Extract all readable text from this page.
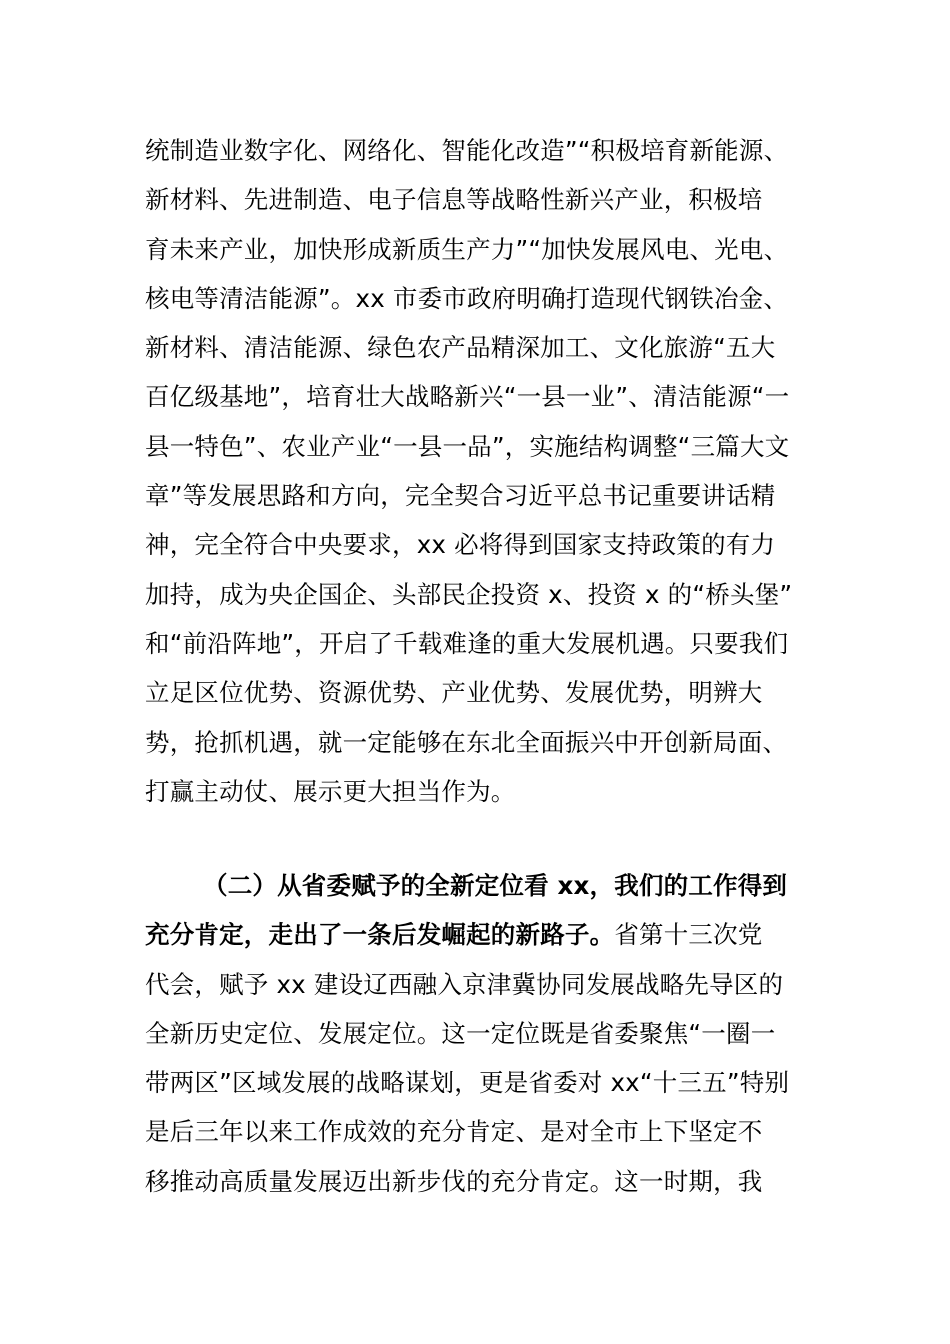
统制造业数字化、网络化、智能化改造”“积极培育新能源、
新材料、先进制造、电子信息等战略性新兴产业，积极培
育未来产业，加快形成新质生产力”“加快发展风电、光电、
核电等清洁能源”。xx 市委市政府明确打造现代钢铁冶金、
新材料、清洁能源、绿色农产品精深加工、文化旅游“五大
百亿级基地”，培育壮大战略新兴“一县一业”、清洁能源“一
县一特色”、农业产业“一县一品”，实施结构调整“三篇大文
章”等发展思路和方向，完全契合习近平总书记重要讲话精
神，完全符合中央要求，xx 必将得到国家支持政策的有力
加持，成为央企国企、头部民企投资 x、投资 x 的“桥头堡”
和“前沿阵地”，开启了千载难逢的重大发展机遇。只要我们
立足区位优势、资源优势、产业优势、发展优势，明辨大
势，抢抓机遇，就一定能够在东北全面振兴中开创新局面、
打赢主动仗、展示更大担当作为。
（二）从省委赋予的全新定位看 xx，我们的工作得到
充分肯定，走出了一条后发崛起的新路子。省第十三次党
代会，赋予 xx 建设辽西融入京津冀协同发展战略先导区的
全新历史定位、发展定位。这一定位既是省委聚焦“一圈一
带两区”区域发展的战略谋划，更是省委对 xx“十三五”特别
是后三年以来工作成效的充分肯定、是对全市上下坚定不
移推动高质量发展迈出新步伐的充分肯定。这一时期，我
